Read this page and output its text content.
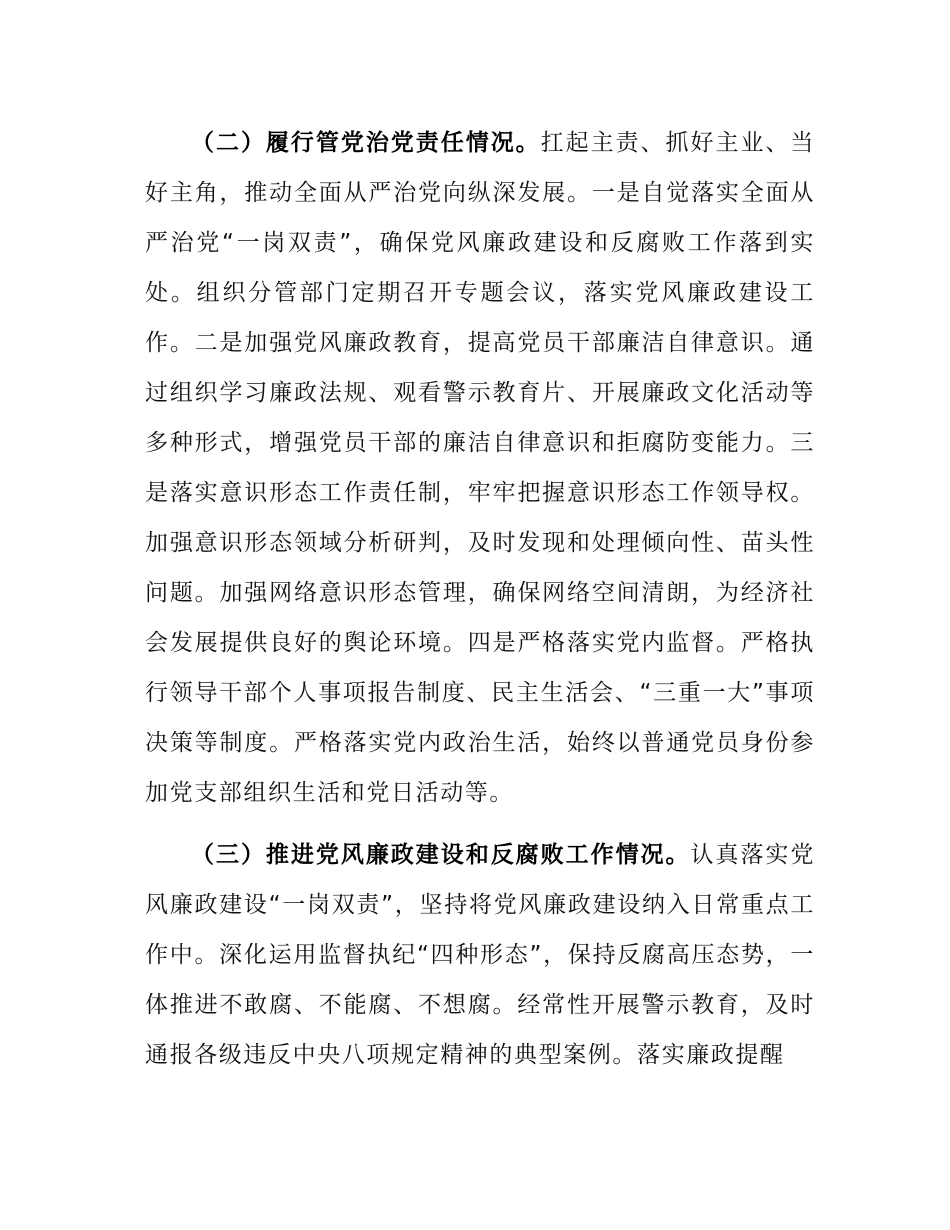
（二）履行管党治党责任情况。扛起主责、抓好主业、当好主角，推动全面从严治党向纵深发展。一是自觉落实全面从严治党“一岗双责”，确保党风廉政建设和反腐败工作落到实处。组织分管部门定期召开专题会议，落实党风廉政建设工作。二是加强党风廉政教育，提高党员干部廉洁自律意识。通过组织学习廉政法规、观看警示教育片、开展廉政文化活动等多种形式，增强党员干部的廉洁自律意识和拒腐防变能力。三是落实意识形态工作责任制，牢牢把握意识形态工作领导权。加强意识形态领域分析研判，及时发现和处理倾向性、苗头性问题。加强网络意识形态管理，确保网络空间清朗，为经济社会发展提供良好的舆论环境。四是严格落实党内监督。严格执行领导干部个人事项报告制度、民主生活会、“三重一大”事项决策等制度。严格落实党内政治生活，始终以普通党员身份参加党支部组织生活和党日活动等。

（三）推进党风廉政建设和反腐败工作情况。认真落实党风廉政建设“一岗双责”，坚持将党风廉政建设纳入日常重点工作中。深化运用监督执纪“四种形态”，保持反腐高压态势，一体推进不敢腐、不能腐、不想腐。经常性开展警示教育，及时通报各级违反中央八项规定精神的典型案例。落实廉政提醒
